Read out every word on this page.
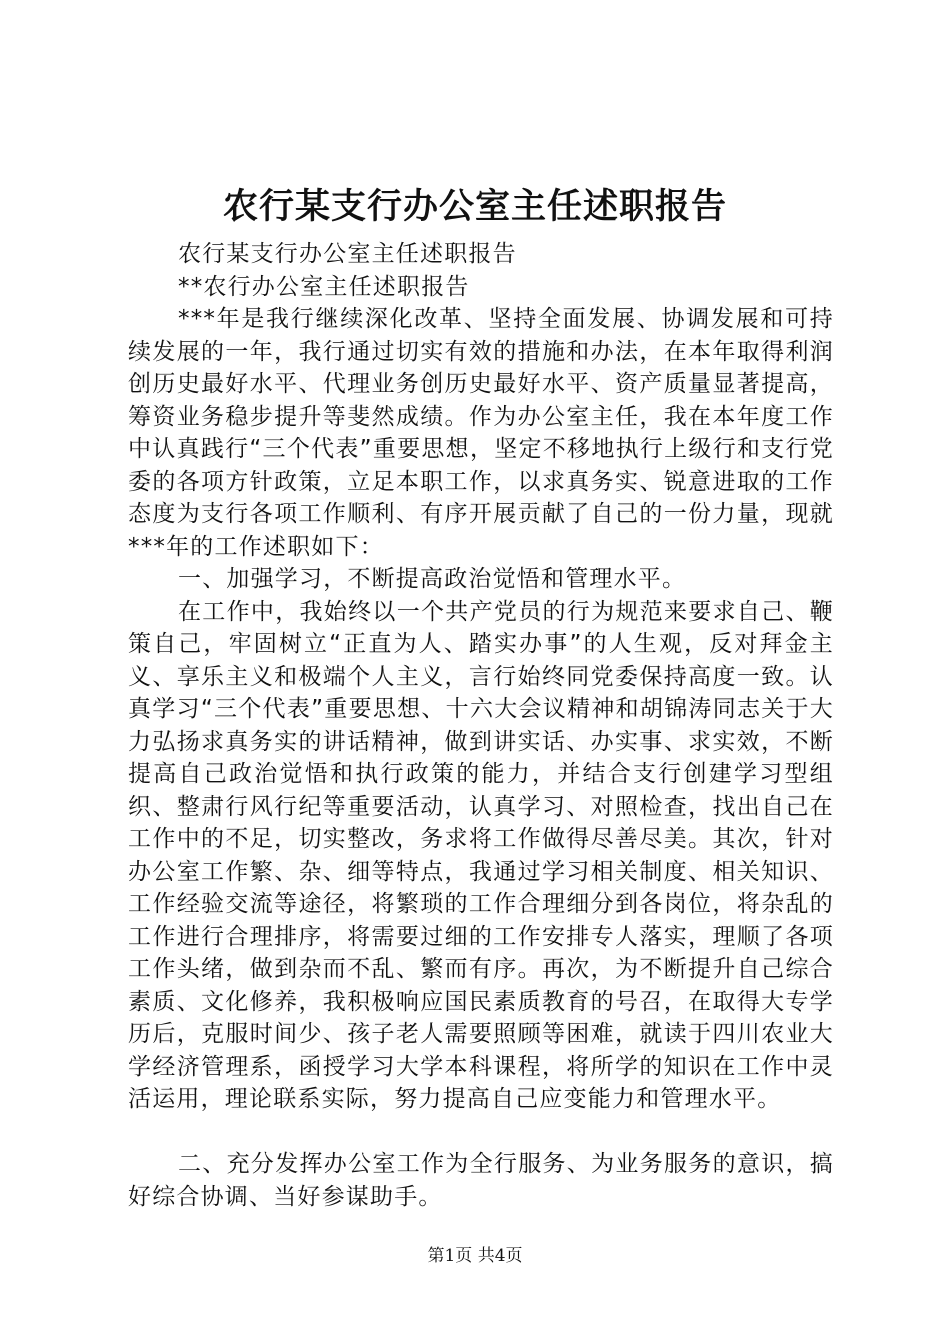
农行某支行办公室主任述职报告

农行某支行办公室主任述职报告

**农行办公室主任述职报告

***年是我行继续深化改革、坚持全面发展、协调发展和可持续发展的一年，我行通过切实有效的措施和办法，在本年取得利润创历史最好水平、代理业务创历史最好水平、资产质量显著提高，筹资业务稳步提升等斐然成绩。作为办公室主任，我在本年度工作中认真践行“三个代表”重要思想，坚定不移地执行上级行和支行党委的各项方针政策，立足本职工作，以求真务实、锐意进取的工作态度为支行各项工作顺利、有序开展贡献了自己的一份力量，现就***年的工作述职如下：

一、加强学习，不断提高政治觉悟和管理水平。

在工作中，我始终以一个共产党员的行为规范来要求自己、鞭策自己，牢固树立“正直为人、踏实办事”的人生观，反对拜金主义、享乐主义和极端个人主义，言行始终同党委保持高度一致。认真学习“三个代表”重要思想、十六大会议精神和胡锦涛同志关于大力弘扬求真务实的讲话精神，做到讲实话、办实事、求实效，不断提高自己政治觉悟和执行政策的能力，并结合支行创建学习型组织、整肃行风行纪等重要活动，认真学习、对照检查，找出自己在工作中的不足，切实整改，务求将工作做得尽善尽美。其次，针对办公室工作繁、杂、细等特点，我通过学习相关制度、相关知识、工作经验交流等途径，将繁琐的工作合理细分到各岗位，将杂乱的工作进行合理排序，将需要过细的工作安排专人落实，理顺了各项工作头绪，做到杂而不乱、繁而有序。再次，为不断提升自己综合素质、文化修养，我积极响应国民素质教育的号召，在取得大专学历后，克服时间少、孩子老人需要照顾等困难，就读于四川农业大学经济管理系，函授学习大学本科课程，将所学的知识在工作中灵活运用，理论联系实际，努力提高自己应变能力和管理水平。

二、充分发挥办公室工作为全行服务、为业务服务的意识，搞好综合协调、当好参谋助手。

第1页 共4页
